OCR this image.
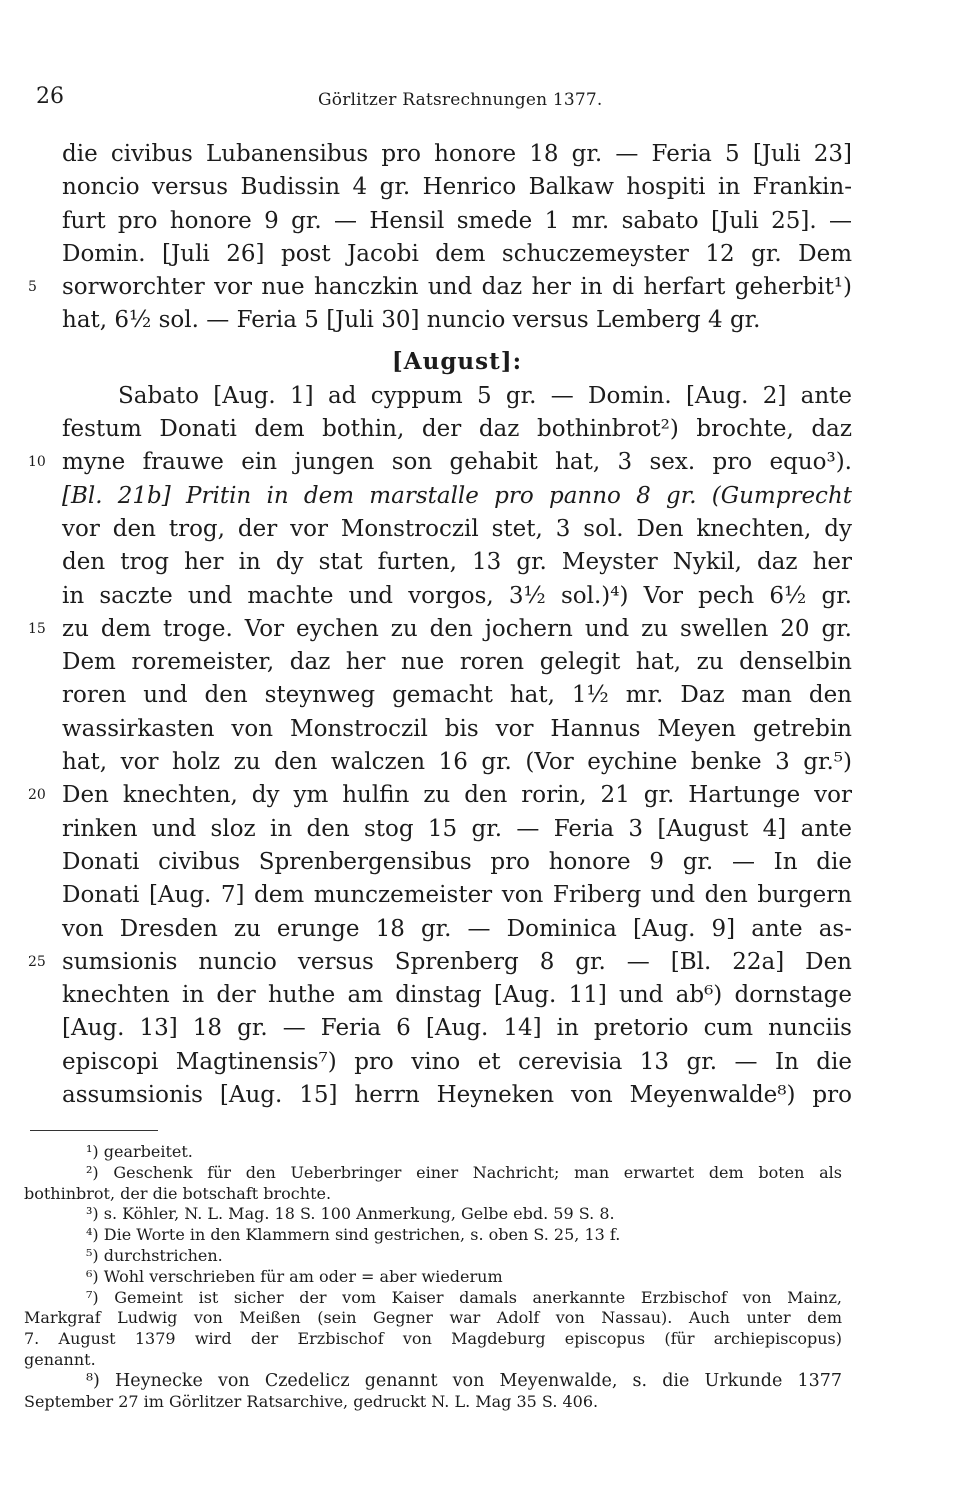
26	Görlitzer Ratsrechnungen 1377.
die civibus Lubanensibus pro honore 18 gr. — Feria 5 [Juli 23]
noncio versus Budissin 4 gr. Henrico Balkaw hospiti in Frankin-
furt pro honore 9 gr. — Hensil smede 1 mr. sabato [Juli 25]. —
Domin. [Juli 26] post Jacobi dem schuczemeyster 12 gr. Dem
5	sorworchter vor nue hanczkin und daz her in di herfart geherbit¹)
hat, 6½ sol. — Feria 5 [Juli 30] nuncio versus Lemberg 4 gr.
[August]:
Sabato [Aug. 1] ad cyppum 5 gr. — Domin. [Aug. 2] ante
festum Donati dem bothin, der daz bothinbrot²) brochte, daz
10 myne frauwe ein jungen son gehabit hat, 3 sex. pro equo³).
[Bl. 21b] Pritin in dem marstalle pro panno 8 gr. (Gumprecht
vor den trog, der vor Monstroczil stet, 3 sol. Den knechten, dy
den trog her in dy stat furten, 13 gr. Meyster Nykil, daz her
in saczte und machte und vorgos, 3½ sol.)⁴) Vor pech 6½ gr.
15 zu dem troge. Vor eychen zu den jochern und zu swellen 20 gr.
Dem roremeister, daz her nue roren gelegit hat, zu denselbin
roren und den steynweg gemacht hat, 1½ mr. Daz man den
wassirkasten von Monstroczil bis vor Hannus Meyen getrebin
hat, vor holz zu den walczen 16 gr. (Vor eychine benke 3 gr.⁵)
20 Den knechten, dy ym hulfin zu den rorin, 21 gr. Hartunge vor
rinken und sloz in den stog 15 gr. — Feria 3 [August 4] ante
Donati civibus Sprenbergensibus pro honore 9 gr. — In die
Donati [Aug. 7] dem munczemeister von Friberg und den burgern
von Dresden zu erunge 18 gr. — Dominica [Aug. 9] ante as-
25 sumsionis nuncio versus Sprenberg 8 gr. — [Bl. 22a] Den
knechten in der huthe am dinstag [Aug. 11] und ab⁶) dornstage
[Aug. 13] 18 gr. — Feria 6 [Aug. 14] in pretorio cum nunciis
episcopi Magtinensis⁷) pro vino et cerevisia 13 gr. — In die
assumsionis [Aug. 15] herrn Heyneken von Meyenwalde⁸) pro
¹) gearbeitet.
²) Geschenk für den Ueberbringer einer Nachricht; man erwartet dem boten als
bothinbrot, der die botschaft brochte.
³) s. Köhler, N. L. Mag. 18 S. 100 Anmerkung, Gelbe ebd. 59 S. 8.
⁴) Die Worte in den Klammern sind gestrichen, s. oben S. 25, 13 f.
⁵) durchstrichen.
⁶) Wohl verschrieben für am oder = aber wiederum
⁷) Gemeint ist sicher der vom Kaiser damals anerkannte Erzbischof von Mainz,
Markgraf Ludwig von Meißen (sein Gegner war Adolf von Nassau). Auch unter dem
7. August 1379 wird der Erzbischof von Magdeburg episcopus (für archiepiscopus)
genannt.
⁸) Heynecke von Czedelicz genannt von Meyenwalde, s. die Urkunde 1377
September 27 im Görlitzer Ratsarchive, gedruckt N. L. Mag 35 S. 406.
